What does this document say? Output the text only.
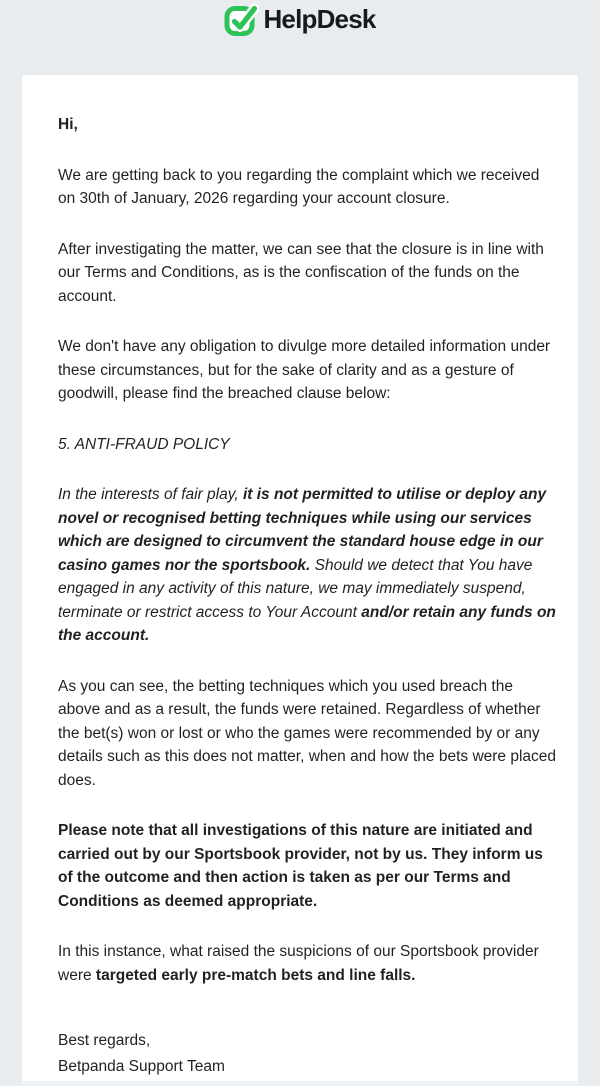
HelpDesk

Hi,

We are getting back to you regarding the complaint which we received on 30th of January, 2026 regarding your account closure.

After investigating the matter, we can see that the closure is in line with our Terms and Conditions, as is the confiscation of the funds on the account.

We don't have any obligation to divulge more detailed information under these circumstances, but for the sake of clarity and as a gesture of goodwill, please find the breached clause below:

5. ANTI-FRAUD POLICY

In the interests of fair play, it is not permitted to utilise or deploy any novel or recognised betting techniques while using our services which are designed to circumvent the standard house edge in our casino games nor the sportsbook. Should we detect that You have engaged in any activity of this nature, we may immediately suspend, terminate or restrict access to Your Account and/or retain any funds on the account.

As you can see, the betting techniques which you used breach the above and as a result, the funds were retained. Regardless of whether the bet(s) won or lost or who the games were recommended by or any details such as this does not matter, when and how the bets were placed does.

Please note that all investigations of this nature are initiated and carried out by our Sportsbook provider, not by us. They inform us of the outcome and then action is taken as per our Terms and Conditions as deemed appropriate.

In this instance, what raised the suspicions of our Sportsbook provider were targeted early pre-match bets and line falls.

Best regards,
Betpanda Support Team
